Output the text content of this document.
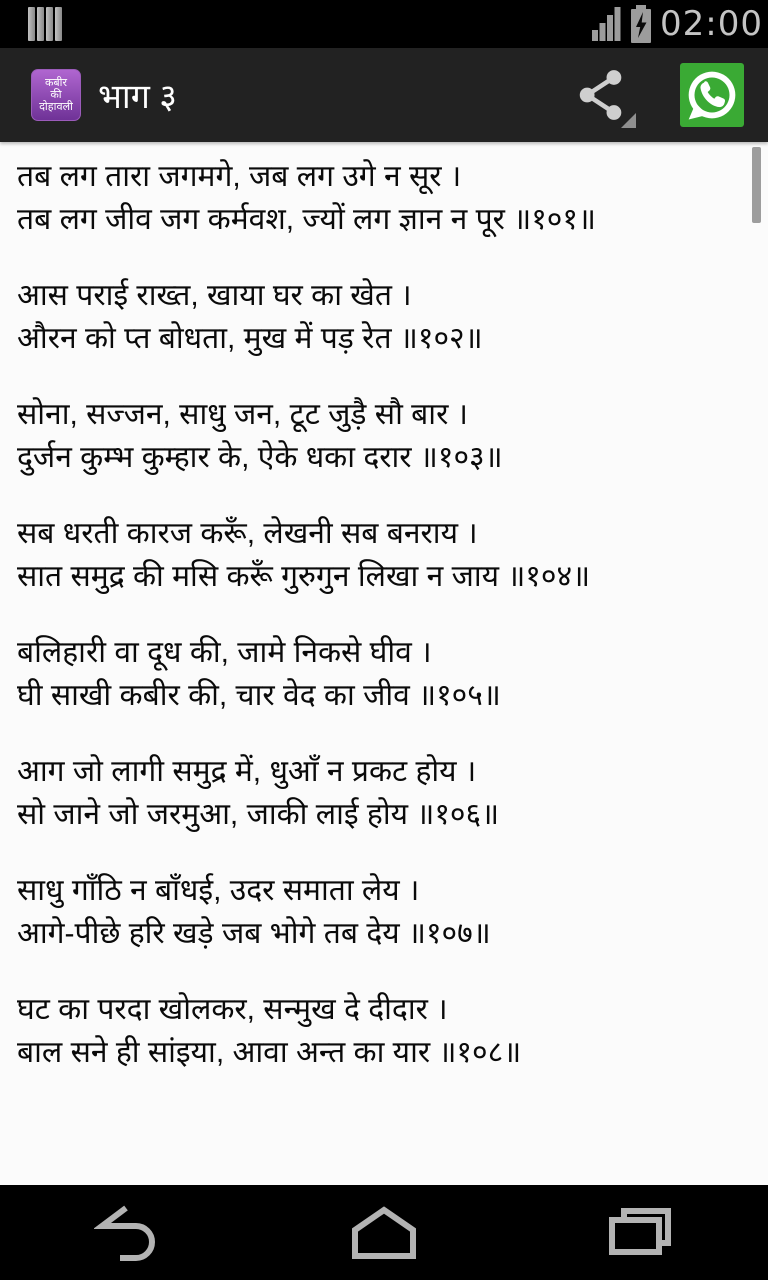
02:00
कबीर
की
दोहावली भाग ३

तब लग तारा जगमगे, जब लग उगे न सूर ।
तब लग जीव जग कर्मवश, ज्यों लग ज्ञान न पूर ॥१०१॥

आस पराई राख्त, खाया घर का खेत ।
औरन को प्त बोधता, मुख में पड़ रेत ॥१०२॥

सोना, सज्जन, साधु जन, टूट जुड़ै सौ बार ।
दुर्जन कुम्भ कुम्हार के, ऐके धका दरार ॥१०३॥

सब धरती कारज करूँ, लेखनी सब बनराय ।
सात समुद्र की मसि करूँ गुरुगुन लिखा न जाय ॥१०४॥

बलिहारी वा दूध की, जामे निकसे घीव ।
घी साखी कबीर की, चार वेद का जीव ॥१०५॥

आग जो लागी समुद्र में, धुआँ न प्रकट होय ।
सो जाने जो जरमुआ, जाकी लाई होय ॥१०६॥

साधु गाँठि न बाँधई, उदर समाता लेय ।
आगे-पीछे हरि खड़े जब भोगे तब देय ॥१०७॥

घट का परदा खोलकर, सन्मुख दे दीदार ।
बाल सने ही सांइया, आवा अन्त का यार ॥१०८॥
